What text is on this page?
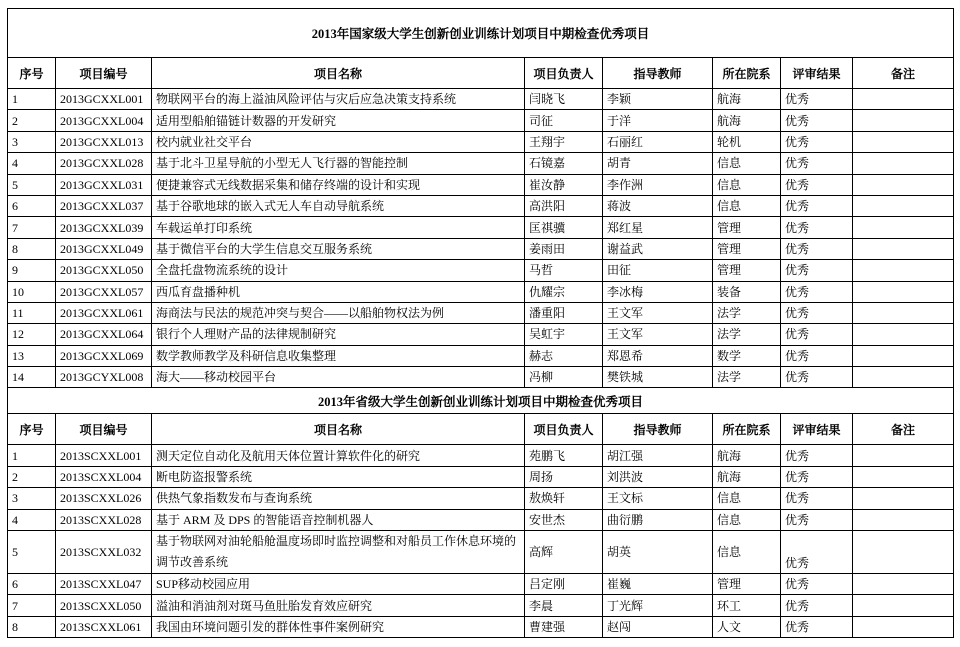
2013年国家级大学生创新创业训练计划项目中期检查优秀项目							
序号	项目编号	项目名称	项目负责人	指导教师	所在院系	评审结果	备注
1	2013GCXXL001	物联网平台的海上溢油风险评估与灾后应急决策支持系统	闫晓飞	李颖	航海	优秀	
2	2013GCXXL004	适用型船舶锚链计数器的开发研究	司征	于洋	航海	优秀	
3	2013GCXXL013	校内就业社交平台	王翔宇	石丽红	轮机	优秀	
4	2013GCXXL028	基于北斗卫星导航的小型无人飞行器的智能控制	石镜嘉	胡青	信息	优秀	
5	2013GCXXL031	便捷兼容式无线数据采集和储存终端的设计和实现	崔汝静	李作洲	信息	优秀	
6	2013GCXXL037	基于谷歌地球的嵌入式无人车自动导航系统	高洪阳	蒋波	信息	优秀	
7	2013GCXXL039	车载运单打印系统	匡祺骥	郑红星	管理	优秀	
8	2013GCXXL049	基于微信平台的大学生信息交互服务系统	姜雨田	谢益武	管理	优秀	
9	2013GCXXL050	全盘托盘物流系统的设计	马哲	田征	管理	优秀	
10	2013GCXXL057	西瓜育盘播种机	仇耀宗	李冰梅	装备	优秀	
11	2013GCXXL061	海商法与民法的规范冲突与契合——以船舶物权法为例	潘重阳	王文军	法学	优秀	
12	2013GCXXL064	银行个人理财产品的法律规制研究	吴虹宇	王文军	法学	优秀	
13	2013GCXXL069	数学教师教学及科研信息收集整理	赫志	郑恩希	数学	优秀	
14	2013GCYXL008	海大——移动校园平台	冯柳	樊铁城	法学	优秀	
2013年省级大学生创新创业训练计划项目中期检查优秀项目							
序号	项目编号	项目名称	项目负责人	指导教师	所在院系	评审结果	备注
1	2013SCXXL001	测天定位自动化及航用天体位置计算软件化的研究	苑鹏飞	胡江强	航海	优秀	
2	2013SCXXL004	断电防盗报警系统	周扬	刘洪波	航海	优秀	
3	2013SCXXL026	供热气象指数发布与查询系统	敖焕轩	王文标	信息	优秀	
4	2013SCXXL028	基于 ARM 及 DPS 的智能语音控制机器人	安世杰	曲衍鹏	信息	优秀	
5	2013SCXXL032	基于物联网对油轮船舱温度场即时监控调整和对船员工作休息环境的调节改善系统	高辉	胡英	信息	优秀	
6	2013SCXXL047	SUP移动校园应用	吕定刚	崔巍	管理	优秀	
7	2013SCXXL050	溢油和消油剂对斑马鱼肚胎发育效应研究	李晨	丁光辉	环工	优秀	
8	2013SCXXL061	我国由环境问题引发的群体性事件案例研究	曹建强	赵闯	人文	优秀	
